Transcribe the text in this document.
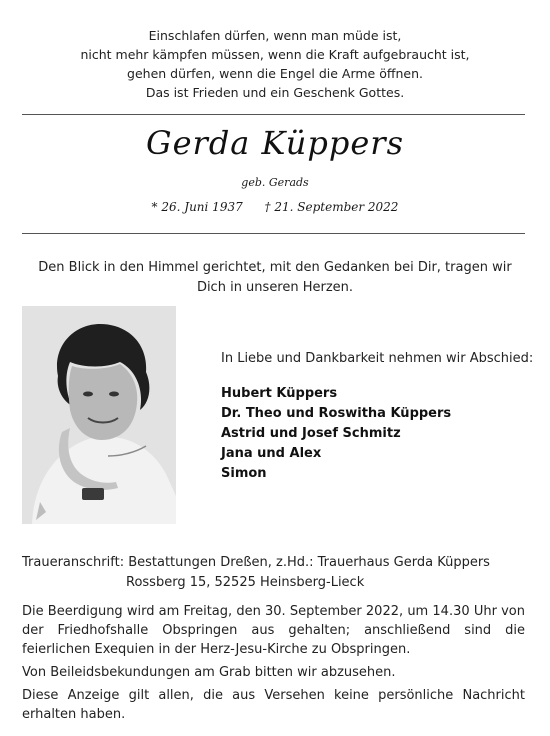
Einschlafen dürfen, wenn man müde ist,
nicht mehr kämpfen müssen, wenn die Kraft aufgebraucht ist,
gehen dürfen, wenn die Engel die Arme öffnen.
Das ist Frieden und ein Geschenk Gottes.
Gerda Küppers
geb. Gerads
* 26. Juni 1937 † 21. September 2022
Den Blick in den Himmel gerichtet, mit den Gedanken bei Dir, tragen wir
Dich in unseren Herzen.
In Liebe und Dankbarkeit nehmen wir Abschied:
Hubert Küppers
Dr. Theo und Roswitha Küppers
Astrid und Josef Schmitz
Jana und Alex
Simon
Traueranschrift: Bestattungen Dreßen, z.Hd.: Trauerhaus Gerda Küppers
Rossberg 15, 52525 Heinsberg-Lieck

Die Beerdigung wird am Freitag, den 30. September 2022, um 14.30 Uhr von der Friedhofshalle Obspringen aus gehalten; anschließend sind die feierlichen Exequien in der Herz-Jesu-Kirche zu Obspringen.

Von Beileidsbekundungen am Grab bitten wir abzusehen.

Diese Anzeige gilt allen, die aus Versehen keine persönliche Nachricht erhalten haben.
